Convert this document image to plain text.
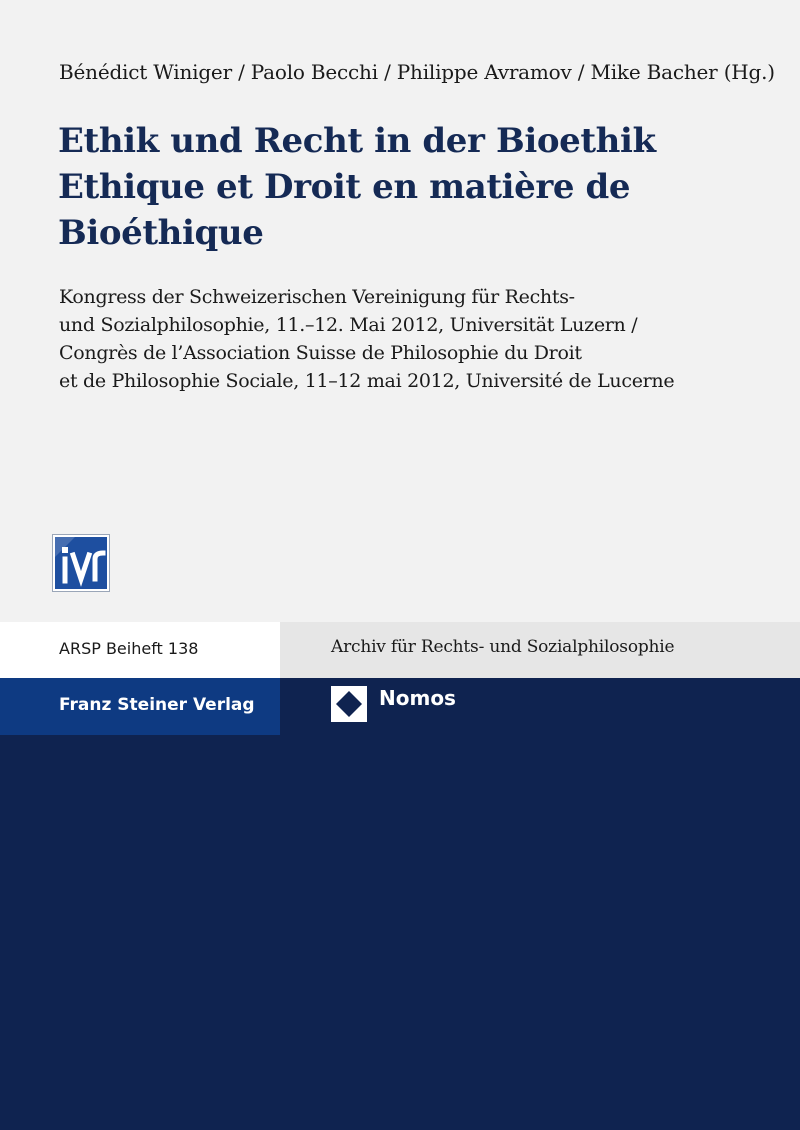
Bénédict Winiger / Paolo Becchi / Philippe Avramov / Mike Bacher (Hg.)
Ethik und Recht in der Bioethik
Ethique et Droit en matière de
Bioéthique
Kongress der Schweizerischen Vereinigung für Rechts-
und Sozialphilosophie, 11.–12. Mai 2012, Universität Luzern /
Congrès de l’Association Suisse de Philosophie du Droit
et de Philosophie Sociale, 11–12 mai 2012, Université de Lucerne
ARSP Beiheft 138	Archiv für Rechts- und Sozialphilosophie
Franz Steiner Verlag	Nomos
